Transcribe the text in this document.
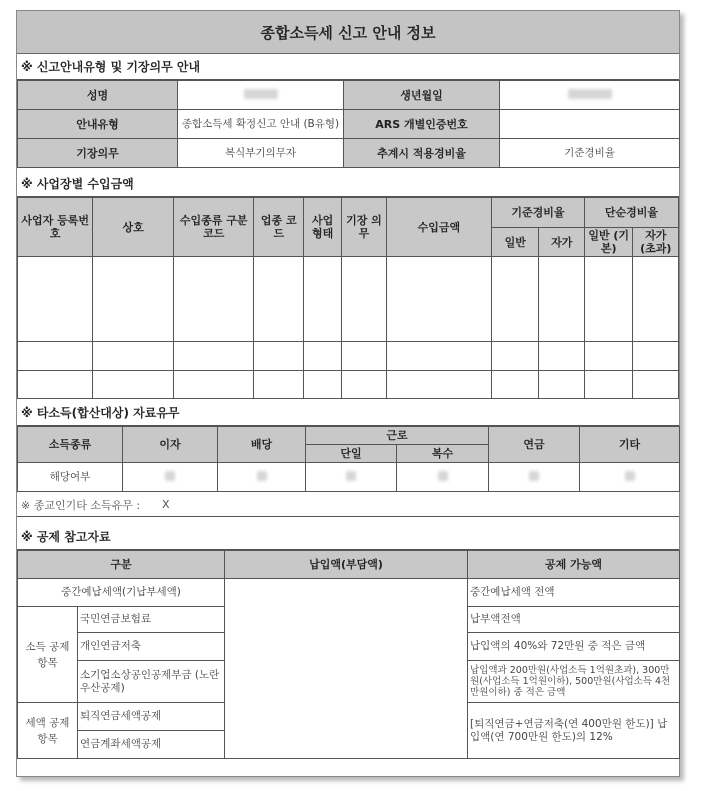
종합소득세 신고 안내 정보
※ 신고안내유형 및 기장의무 안내
성명		생년월일	
안내유형	종합소득세 확정신고 안내 (B유형)	ARS 개별인증번호	
기장의무	복식부기의무자	추계시 적용경비율	기준경비율
※ 사업장별 수입금액
사업자 등록번호	상호	수입종류 구분코드	업종 코드	사업 형태	기장 의무	수입금액	기준경비율		단순경비율	
							일반	자가	일반 (기본)	자가 (초과)

※ 타소득(합산대상) 자료유무
소득종류	이자	배당	근로		연금	기타
			단일	복수		
해당여부						
※ 종교인기타 소득유무 : X
※ 공제 참고자료
구분		납입액(부담액)	공제 가능액
중간예납세액(기납부세액)			중간예납세액 전액
소득 공제 항목	국민연금보험료		납부액전액
	개인연금저축		납입액의 40%와 72만원 중 적은 금액
	소기업소상공인공제부금 (노란우산공제)		납입액과 200만원(사업소득 1억원초과), 300만원(사업소득 1억원이하), 500만원(사업소득 4천만원이하) 중 적은 금액
세액 공제 항목	퇴직연금세액공제		[퇴직연금+연금저축(연 400만원 한도)] 납입액(연 700만원 한도)의 12%
	연금계좌세액공제		
